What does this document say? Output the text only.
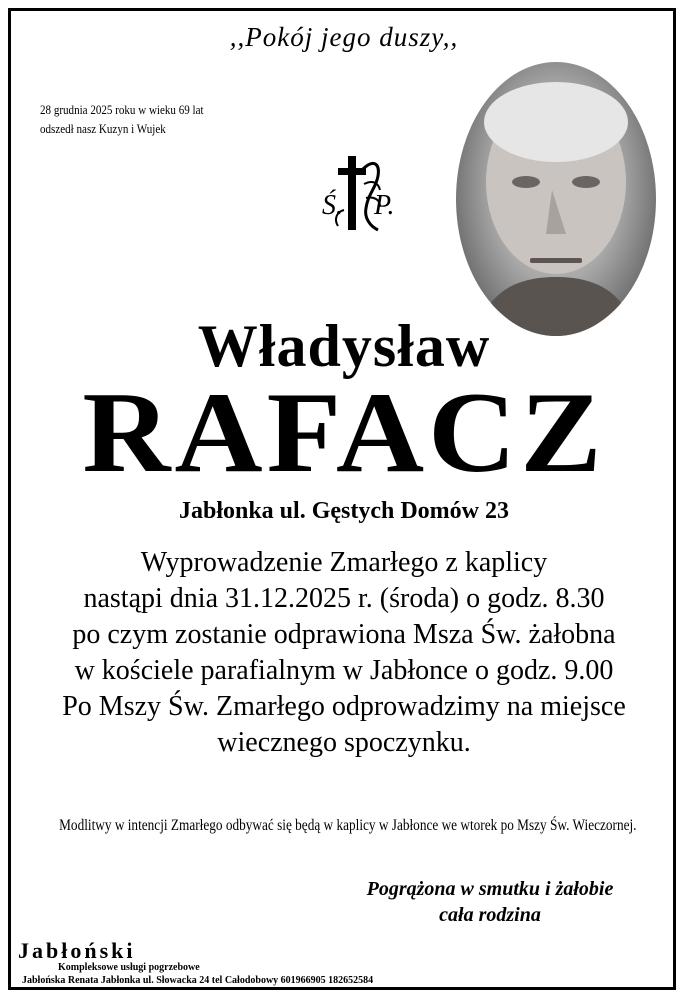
,,Pokój jego duszy,,
28 grudnia 2025 roku w wieku 69 lat
odszedł nasz Kuzyn i Wujek
Ś. P.
Władysław
RAFACZ
Jabłonka ul. Gęstych Domów 23
Wyprowadzenie Zmarłego z kaplicy
nastąpi dnia 31.12.2025 r. (środa) o godz. 8.30
po czym zostanie odprawiona Msza Św. żałobna
w kościele parafialnym w Jabłonce o godz. 9.00
Po Mszy Św. Zmarłego odprowadzimy na miejsce
wiecznego spoczynku.
Modlitwy w intencji Zmarłego odbywać się będą w kaplicy w Jabłonce we wtorek po Mszy Św. Wieczornej.
Pogrążona w smutku i żałobie
cała rodzina
Jabłoński
Kompleksowe usługi pogrzebowe
Jabłońska Renata Jabłonka ul. Słowacka 24 tel Całodobowy 601966905 182652584
